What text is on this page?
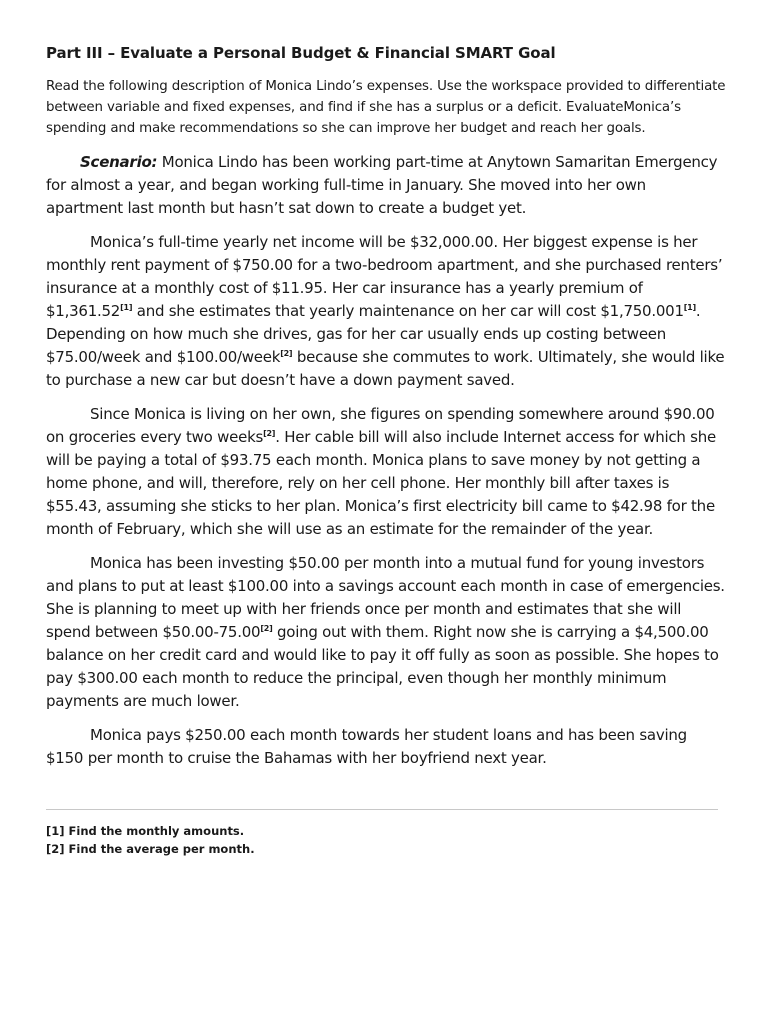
Part III – Evaluate a Personal Budget & Financial SMART Goal

Read the following description of Monica Lindo’s expenses. Use the workspace provided to differentiate between variable and fixed expenses, and find if she has a surplus or a deficit. EvaluateMonica’s spending and make recommendations so she can improve her budget and reach her goals.

Scenario: Monica Lindo has been working part-time at Anytown Samaritan Emergency for almost a year, and began working full-time in January. She moved into her own apartment last month but hasn’t sat down to create a budget yet.

Monica’s full-time yearly net income will be $32,000.00. Her biggest expense is her monthly rent payment of $750.00 for a two-bedroom apartment, and she purchased renters’ insurance at a monthly cost of $11.95. Her car insurance has a yearly premium of $1,361.52[1] and she estimates that yearly maintenance on her car will cost $1,750.001[1]. Depending on how much she drives, gas for her car usually ends up costing between $75.00/week and $100.00/week[2] because she commutes to work. Ultimately, she would like to purchase a new car but doesn’t have a down payment saved.

Since Monica is living on her own, she figures on spending somewhere around $90.00 on groceries every two weeks[2]. Her cable bill will also include Internet access for which she will be paying a total of $93.75 each month. Monica plans to save money by not getting a home phone, and will, therefore, rely on her cell phone. Her monthly bill after taxes is $55.43, assuming she sticks to her plan. Monica’s first electricity bill came to $42.98 for the month of February, which she will use as an estimate for the remainder of the year.

Monica has been investing $50.00 per month into a mutual fund for young investors and plans to put at least $100.00 into a savings account each month in case of emergencies. She is planning to meet up with her friends once per month and estimates that she will spend between $50.00-75.00[2] going out with them. Right now she is carrying a $4,500.00 balance on her credit card and would like to pay it off fully as soon as possible. She hopes to pay $300.00 each month to reduce the principal, even though her monthly minimum payments are much lower.

Monica pays $250.00 each month towards her student loans and has been saving $150 per month to cruise the Bahamas with her boyfriend next year.

[1] Find the monthly amounts.
[2] Find the average per month.
